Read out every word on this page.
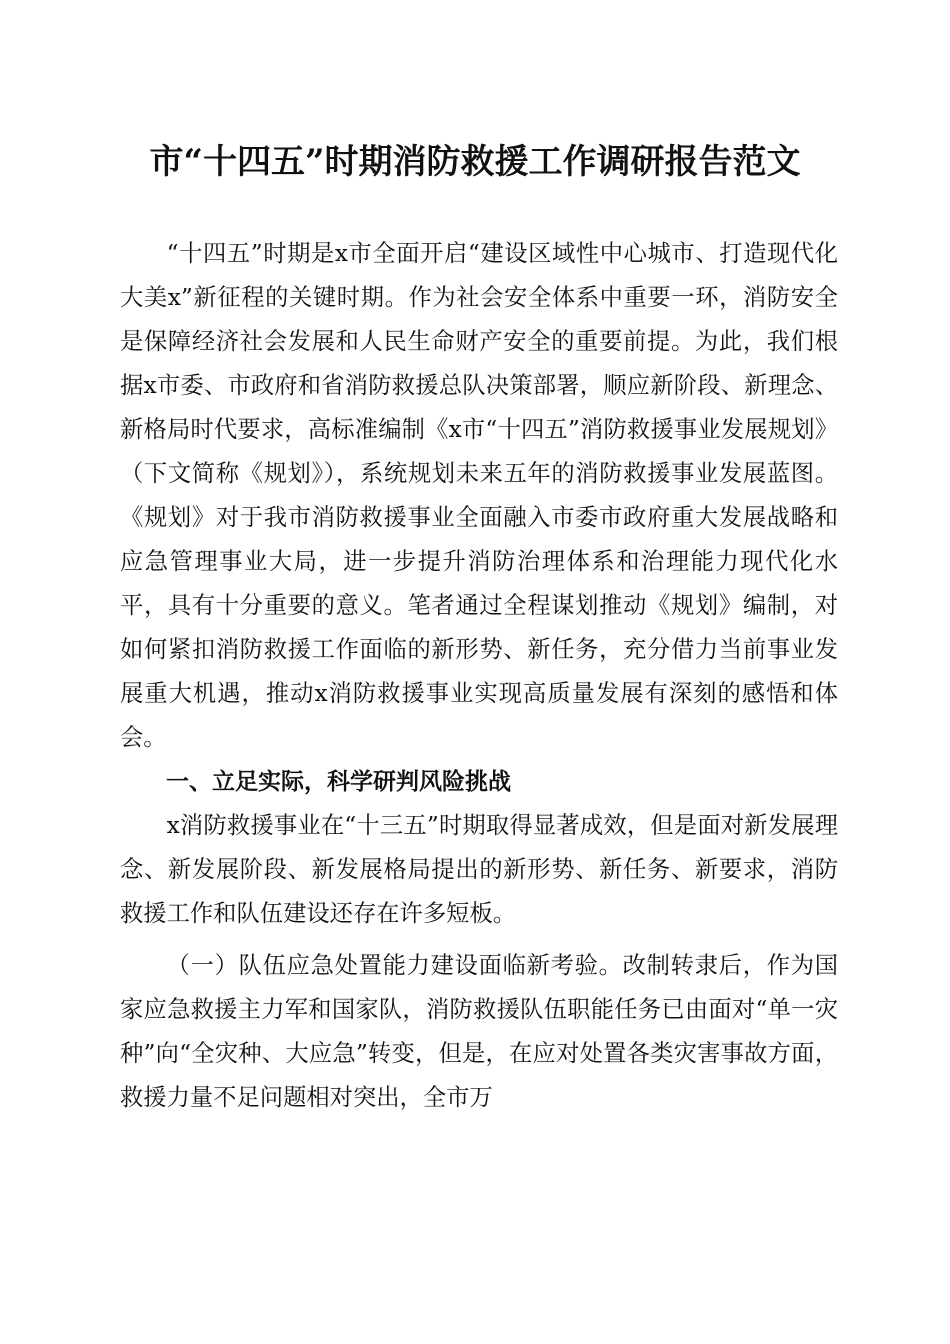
市“十四五”时期消防救援工作调研报告范文

“十四五”时期是x市全面开启“建设区域性中心城市、打造现代化大美x”新征程的关键时期。作为社会安全体系中重要一环，消防安全是保障经济社会发展和人民生命财产安全的重要前提。为此，我们根据x市委、市政府和省消防救援总队决策部署，顺应新阶段、新理念、新格局时代要求，高标准编制《x市“十四五”消防救援事业发展规划》（下文简称《规划》），系统规划未来五年的消防救援事业发展蓝图。《规划》对于我市消防救援事业全面融入市委市政府重大发展战略和应急管理事业大局，进一步提升消防治理体系和治理能力现代化水平，具有十分重要的意义。笔者通过全程谋划推动《规划》编制，对如何紧扣消防救援工作面临的新形势、新任务，充分借力当前事业发展重大机遇，推动x消防救援事业实现高质量发展有深刻的感悟和体会。

一、立足实际，科学研判风险挑战

x消防救援事业在“十三五”时期取得显著成效，但是面对新发展理念、新发展阶段、新发展格局提出的新形势、新任务、新要求，消防救援工作和队伍建设还存在许多短板。

（一）队伍应急处置能力建设面临新考验。改制转隶后，作为国家应急救援主力军和国家队，消防救援队伍职能任务已由面对“单一灾种”向“全灾种、大应急”转变，但是，在应对处置各类灾害事故方面，救援力量不足问题相对突出，全市万
